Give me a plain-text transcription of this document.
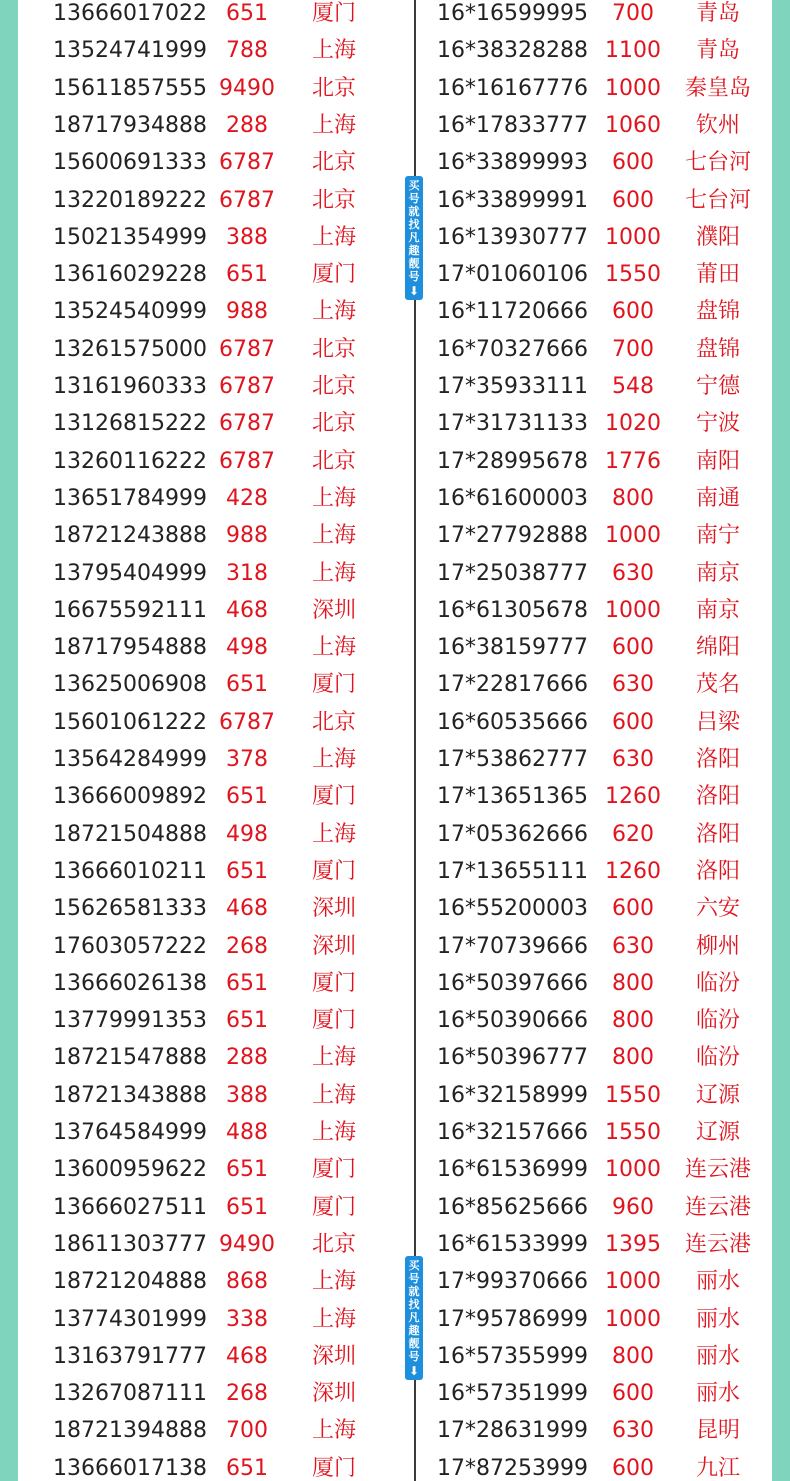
13666017022 651	厦门	16*16599995	700	青岛
13524741999 788	上海	16*38328288 1100	青岛
15611857555 9490	北京	16*16167776 1000	秦皇岛
18717934888 288	上海	16*17833777 1060	钦州
15600691333 6787	北京	16*33899993	600	七台河
13220189222 6787	北京	16*33899991	600	七台河
15021354999 388	上海	16*13930777 1000	濮阳
13616029228 651	厦门	17*01060106 1550	莆田
13524540999 988	上海	16*11720666	600	盘锦
13261575000 6787	北京	16*70327666	700	盘锦
13161960333 6787	北京	17*35933111	548	宁德
13126815222 6787	北京	17*31731133 1020	宁波
13260116222 6787	北京	17*28995678 1776	南阳
13651784999 428	上海	16*61600003	800	南通
18721243888 988	上海	17*27792888 1000	南宁
13795404999 318	上海	17*25038777	630	南京
16675592111 468	深圳	16*61305678 1000	南京
18717954888 498	上海	16*38159777	600	绵阳
13625006908 651	厦门	17*22817666	630	茂名
15601061222 6787	北京	16*60535666	600	吕梁
13564284999 378	上海	17*53862777	630	洛阳
13666009892 651	厦门	17*13651365 1260	洛阳
18721504888 498	上海	17*05362666	620	洛阳
13666010211 651	厦门	17*13655111 1260	洛阳
15626581333 468	深圳	16*55200003	600	六安
17603057222 268	深圳	17*70739666	630	柳州
13666026138 651	厦门	16*50397666	800	临汾
13779991353 651	厦门	16*50390666	800	临汾
18721547888 288	上海	16*50396777	800	临汾
18721343888 388	上海	16*32158999 1550	辽源
13764584999 488	上海	16*32157666 1550	辽源
13600959622 651	厦门	16*61536999 1000	连云港
13666027511 651	厦门	16*85625666	960	连云港
18611303777 9490	北京	16*61533999 1395	连云港
18721204888 868	上海	17*99370666 1000	丽水
13774301999 338	上海	17*95786999 1000	丽水
13163791777 468	深圳	16*57355999	800	丽水
13267087111 268	深圳	16*57351999	600	丽水
18721394888 700	上海	17*28631999	630	昆明
13666017138 651	厦门	17*87253999	600	九江
买
号
就
找
凡
趣
靓
号
⬇
买
号
就
找
凡
趣
靓
号
⬇
